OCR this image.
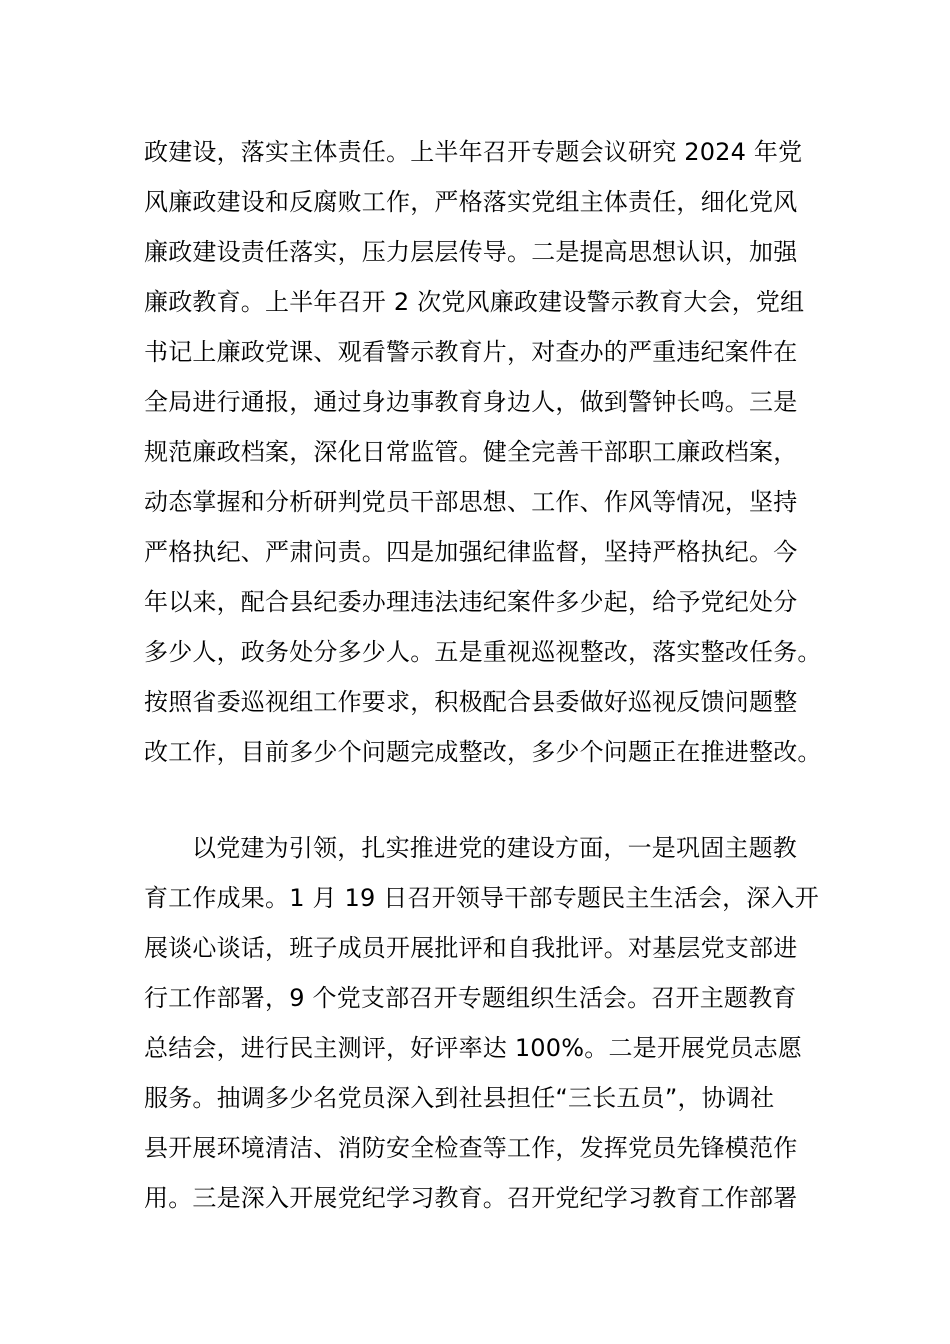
政建设，落实主体责任。上半年召开专题会议研究 2024 年党
风廉政建设和反腐败工作，严格落实党组主体责任，细化党风
廉政建设责任落实，压力层层传导。二是提高思想认识，加强
廉政教育。上半年召开 2 次党风廉政建设警示教育大会，党组
书记上廉政党课、观看警示教育片，对查办的严重违纪案件在
全局进行通报，通过身边事教育身边人，做到警钟长鸣。三是
规范廉政档案，深化日常监管。健全完善干部职工廉政档案，
动态掌握和分析研判党员干部思想、工作、作风等情况，坚持
严格执纪、严肃问责。四是加强纪律监督，坚持严格执纪。今
年以来，配合县纪委办理违法违纪案件多少起，给予党纪处分
多少人，政务处分多少人。五是重视巡视整改，落实整改任务。
按照省委巡视组工作要求，积极配合县委做好巡视反馈问题整
改工作，目前多少个问题完成整改，多少个问题正在推进整改。
以党建为引领，扎实推进党的建设方面，一是巩固主题教
育工作成果。1 月 19 日召开领导干部专题民主生活会，深入开
展谈心谈话，班子成员开展批评和自我批评。对基层党支部进
行工作部署，9 个党支部召开专题组织生活会。召开主题教育
总结会，进行民主测评，好评率达 100%。二是开展党员志愿
服务。抽调多少名党员深入到社县担任“三长五员”，协调社
县开展环境清洁、消防安全检查等工作，发挥党员先锋模范作
用。三是深入开展党纪学习教育。召开党纪学习教育工作部署
